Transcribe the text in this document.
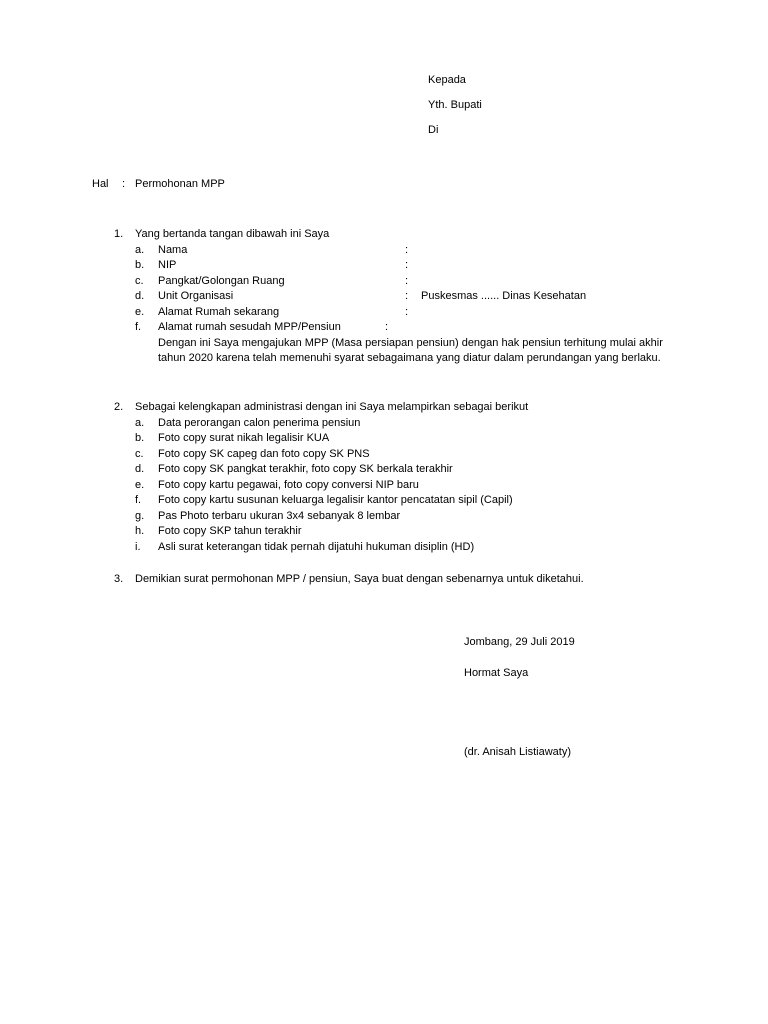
Kepada
Yth. Bupati
Di
Hal : Permohonan MPP
1. Yang bertanda tangan dibawah ini Saya
a. Nama	:
b. NIP	:
c. Pangkat/Golongan Ruang	:
d. Unit Organisasi	: Puskesmas ...... Dinas Kesehatan
e. Alamat Rumah sekarang	:
f. Alamat rumah sesudah MPP/Pensiun	:
Dengan ini Saya mengajukan MPP (Masa persiapan pensiun) dengan hak pensiun terhitung mulai akhir tahun 2020 karena telah memenuhi syarat sebagaimana yang diatur dalam perundangan yang berlaku.
2. Sebagai kelengkapan administrasi dengan ini Saya melampirkan sebagai berikut
a. Data perorangan calon penerima pensiun
b. Foto copy surat nikah legalisir KUA
c. Foto copy SK capeg dan foto copy SK PNS
d. Foto copy SK pangkat terakhir, foto copy SK berkala terakhir
e. Foto copy kartu pegawai, foto copy conversi NIP baru
f. Foto copy kartu susunan keluarga legalisir kantor pencatatan sipil (Capil)
g. Pas Photo terbaru ukuran 3x4 sebanyak 8 lembar
h. Foto copy SKP tahun terakhir
i. Asli surat keterangan tidak pernah dijatuhi hukuman disiplin (HD)
3. Demikian surat permohonan MPP / pensiun, Saya buat dengan sebenarnya untuk diketahui.
Jombang, 29 Juli 2019
Hormat Saya
(dr. Anisah Listiawaty)
